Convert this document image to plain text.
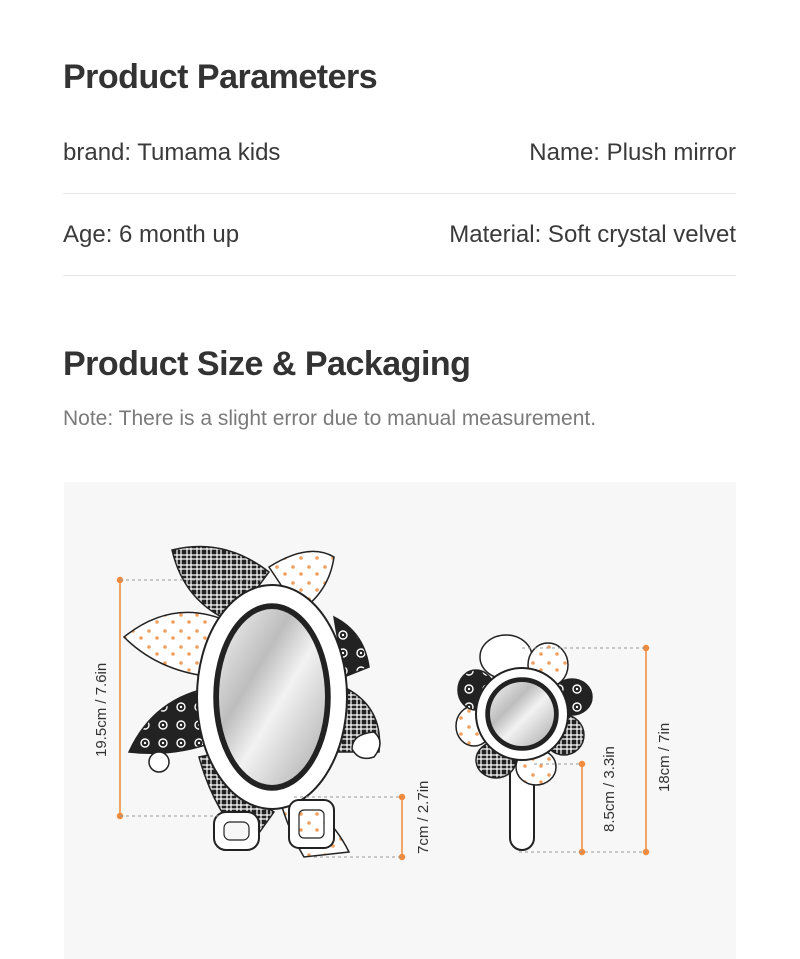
Product Parameters
brand: Tumama kids	Name: Plush mirror
Age: 6 month up	Material: Soft crystal velvet
Product Size & Packaging
Note: There is a slight error due to manual measurement.
19.5cm / 7.6in
7cm / 2.7in	8.5cm / 3.3in	18cm / 7in
